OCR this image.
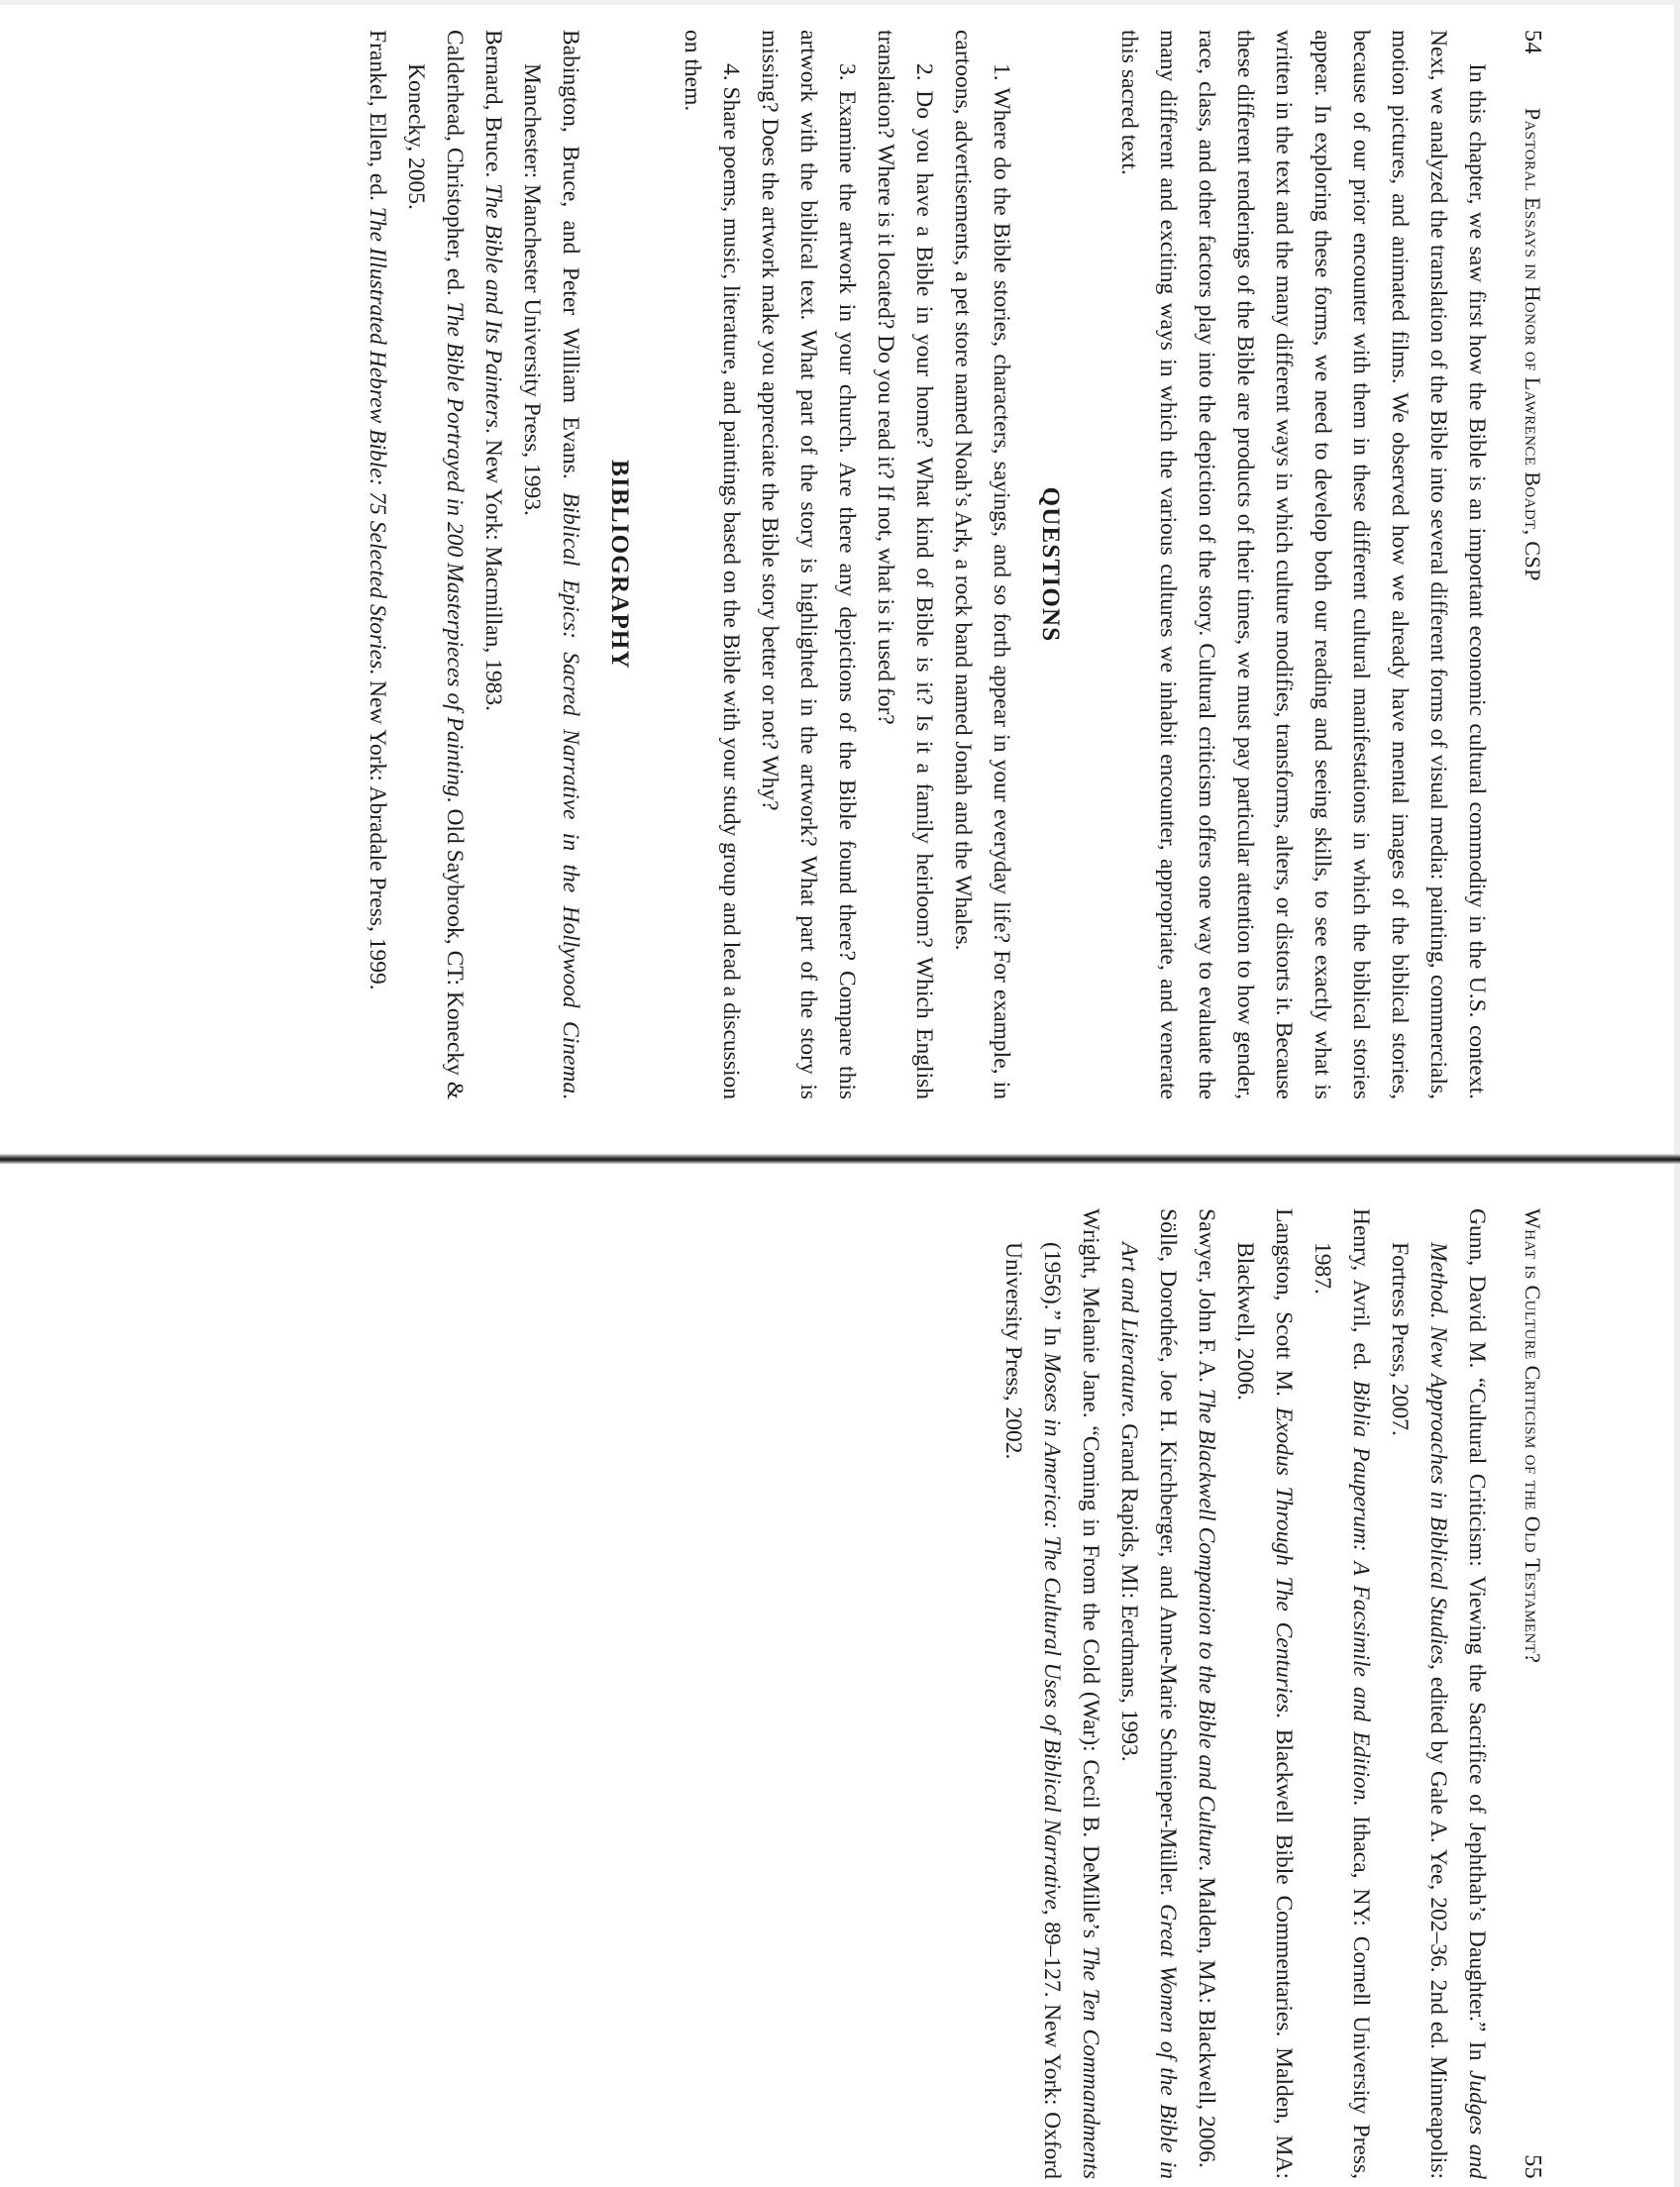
54
Pastoral Essays in Honor of Lawrence Boadt, CSP

In this chapter, we saw first how the Bible is an important economic cultural commodity in the U.S. context. Next, we analyzed the translation of the Bible into several different forms of visual media: painting, commercials, motion pictures, and animated films. We observed how we already have mental images of the biblical stories, because of our prior encounter with them in these different cultural manifestations in which the biblical stories appear. In exploring these forms, we need to develop both our reading and seeing skills, to see exactly what is written in the text and the many different ways in which culture modifies, transforms, alters, or distorts it. Because these different renderings of the Bible are products of their times, we must pay particular attention to how gender, race, class, and other factors play into the depiction of the story. Cultural criticism offers one way to evaluate the many different and exciting ways in which the various cultures we inhabit encounter, appropriate, and venerate this sacred text.

QUESTIONS

1. Where do the Bible stories, characters, sayings, and so forth appear in your everyday life? For example, in cartoons, advertisements, a pet store named Noah’s Ark, a rock band named Jonah and the Whales.

2. Do you have a Bible in your home? What kind of Bible is it? Is it a family heirloom? Which English translation? Where is it located? Do you read it? If not, what is it used for?

3. Examine the artwork in your church. Are there any depictions of the Bible found there? Compare this artwork with the biblical text. What part of the story is highlighted in the artwork? What part of the story is missing? Does the artwork make you appreciate the Bible story better or not? Why?

4. Share poems, music, literature, and paintings based on the Bible with your study group and lead a discussion on them.

BIBLIOGRAPHY
Babington, Bruce, and Peter William Evans. Biblical Epics: Sacred Narrative in the Hollywood Cinema. Manchester: Manchester University Press, 1993.
Bernard, Bruce. The Bible and Its Painters. New York: Macmillan, 1983.
Calderhead, Christopher, ed. The Bible Portrayed in 200 Masterpieces of Painting. Old Saybrook, CT: Konecky & Konecky, 2005.
Frankel, Ellen, ed. The Illustrated Hebrew Bible: 75 Selected Stories. New York: Abradale Press, 1999.
What is Culture Criticism of the Old Testament?
55
Gunn, David M. “Cultural Criticism: Viewing the Sacrifice of Jephthah’s Daughter.” In Judges and Method. New Approaches in Biblical Studies, edited by Gale A. Yee, 202–36. 2nd ed. Minneapolis: Fortress Press, 2007.
Henry, Avril, ed. Biblia Pauperum: A Facsimile and Edition. Ithaca, NY: Cornell University Press, 1987.
Langston, Scott M. Exodus Through The Centuries. Blackwell Bible Commentaries. Malden, MA: Blackwell, 2006.
Sawyer, John F. A. The Blackwell Companion to the Bible and Culture. Malden, MA: Blackwell, 2006.
Sölle, Dorothée, Joe H. Kirchberger, and Anne-Marie Schnieper-Müller. Great Women of the Bible in Art and Literature. Grand Rapids, MI: Eerdmans, 1993.
Wright, Melanie Jane. “Coming in From the Cold (War): Cecil B. DeMille’s The Ten Commandments (1956).” In Moses in America: The Cultural Uses of Biblical Narrative, 89–127. New York: Oxford University Press, 2002.
